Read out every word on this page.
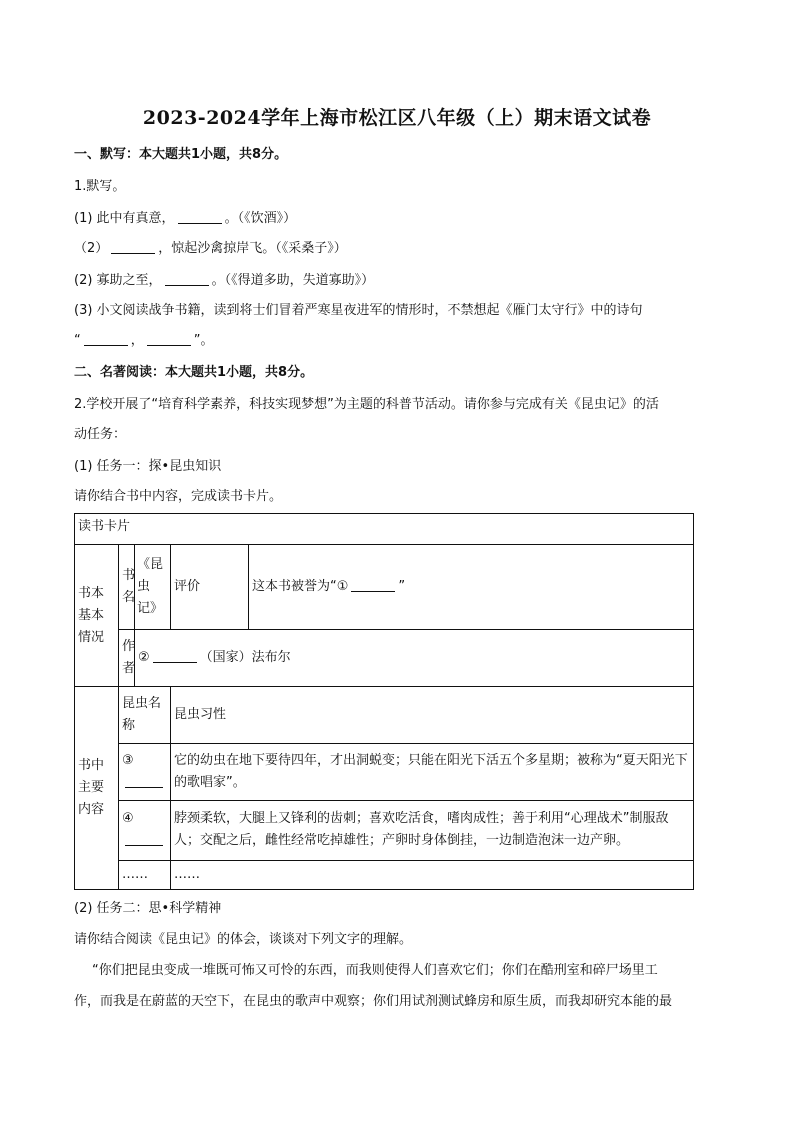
2023-2024学年上海市松江区八年级（上）期末语文试卷
一、默写：本大题共1小题，共8分。
1.默写。
(1) 此中有真意，	。（《饮酒》）
（2）	，惊起沙禽掠岸飞。（《采桑子》）
(2) 寡助之至，	。（《得道多助，失道寡助》）
(3) 小文阅读战争书籍，读到将士们冒着严寒星夜进军的情形时，不禁想起《雁门太守行》中的诗句
“	，	”。
二、名著阅读：本大题共1小题，共8分。
2.学校开展了“培育科学素养，科技实现梦想”为主题的科普节活动。请你参与完成有关《昆虫记》的活
动任务：
(1) 任务一：探•昆虫知识
请你结合书中内容，完成读书卡片。
读书卡片				
书本基本情况	书名	《昆虫记》	评价	这本书被誉为“① ”
	作者	② （国家）法布尔		
书中主要内容	昆虫名称		昆虫习性	

	③		它的幼虫在地下要待四年，才出洞蜕变；只能在阳光下活五个多星期；被称为“夏天阳光下的歌唱家”。	

	④		脖颈柔软，大腿上又锋利的齿刺；喜欢吃活食，嗜肉成性；善于利用“心理战术”制服敌人；交配之后，雌性经常吃掉雄性；产卵时身体倒挂，一边制造泡沫一边产卵。	
	……		……	
(2) 任务二：思•科学精神
请你结合阅读《昆虫记》的体会，谈谈对下列文字的理解。
“你们把昆虫变成一堆既可怖又可怜的东西，而我则使得人们喜欢它们；你们在酷刑室和碎尸场里工
作，而我是在蔚蓝的天空下，在昆虫的歌声中观察；你们用试剂测试蜂房和原生质，而我却研究本能的最
